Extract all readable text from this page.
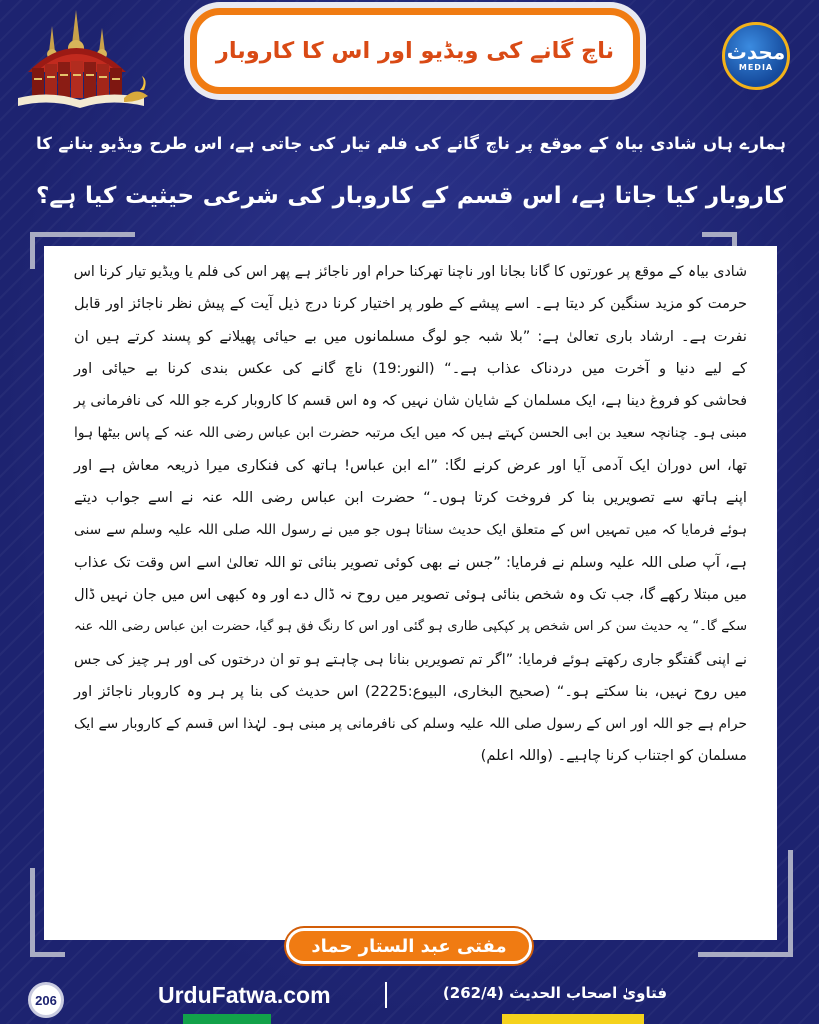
ناچ گانے کی ویڈیو اور اس کا کاروبار	محدث
MEDIA
ہمارے ہاں شادی بیاہ کے موقع پر ناچ گانے کی فلم تیار کی جاتی ہے، اس طرح ویڈیو بنانے کا
کاروبار کیا جاتا ہے، اس قسم کے کاروبار کی شرعی حیثیت کیا ہے؟
شادی بیاہ کے موقع پر عورتوں کا گانا بجانا اور ناچنا تھرکنا حرام اور ناجائز ہے پھر اس کی فلم یا ویڈیو تیار کرنا اس
حرمت کو مزید سنگین کر دیتا ہے۔ اسے پیشے کے طور پر اختیار کرنا درج ذیل آیت کے پیش نظر ناجائز اور قابل
نفرت ہے۔ ارشاد باری تعالیٰ ہے: ”بلا شبہ جو لوگ مسلمانوں میں بے حیائی پھیلانے کو پسند کرتے ہیں ان
کے لیے دنیا و آخرت میں دردناک عذاب ہے۔“ (النور:19) ناچ گانے کی عکس بندی کرنا بے حیائی اور
فحاشی کو فروغ دینا ہے، ایک مسلمان کے شایان شان نہیں کہ وہ اس قسم کا کاروبار کرے جو اللہ کی نافرمانی پر
مبنی ہو۔ چنانچہ سعید بن ابی الحسن کہتے ہیں کہ میں ایک مرتبہ حضرت ابن عباس رضی اللہ عنہ کے پاس بیٹھا ہوا
تھا، اس دوران ایک آدمی آیا اور عرض کرنے لگا: ”اے ابن عباس! ہاتھ کی فنکاری میرا ذریعہ معاش ہے اور
اپنے ہاتھ سے تصویریں بنا کر فروخت کرتا ہوں۔“ حضرت ابن عباس رضی اللہ عنہ نے اسے جواب دیتے
ہوئے فرمایا کہ میں تمہیں اس کے متعلق ایک حدیث سناتا ہوں جو میں نے رسول اللہ صلی اللہ علیہ وسلم سے سنی
ہے، آپ صلی اللہ علیہ وسلم نے فرمایا: ”جس نے بھی کوئی تصویر بنائی تو اللہ تعالیٰ اسے اس وقت تک عذاب
میں مبتلا رکھے گا، جب تک وہ شخص بنائی ہوئی تصویر میں روح نہ ڈال دے اور وہ کبھی اس میں جان نہیں ڈال
سکے گا۔“ یہ حدیث سن کر اس شخص پر کپکپی طاری ہو گئی اور اس کا رنگ فق ہو گیا، حضرت ابن عباس رضی اللہ عنہ
نے اپنی گفتگو جاری رکھتے ہوئے فرمایا: ”اگر تم تصویریں بنانا ہی چاہتے ہو تو ان درختوں کی اور ہر چیز کی جس
میں روح نہیں، بنا سکتے ہو۔“ (صحیح البخاری، البیوع:2225) اس حدیث کی بنا پر ہر وہ کاروبار ناجائز اور
حرام ہے جو اللہ اور اس کے رسول صلی اللہ علیہ وسلم کی نافرمانی پر مبنی ہو۔ لہٰذا اس قسم کے کاروبار سے ایک
مسلمان کو اجتناب کرنا چاہیے۔ (واللہ اعلم)
مفتی عبد الستار حماد
206	UrduFatwa.com	فتاویٰ اصحاب الحدیث (262/4)
